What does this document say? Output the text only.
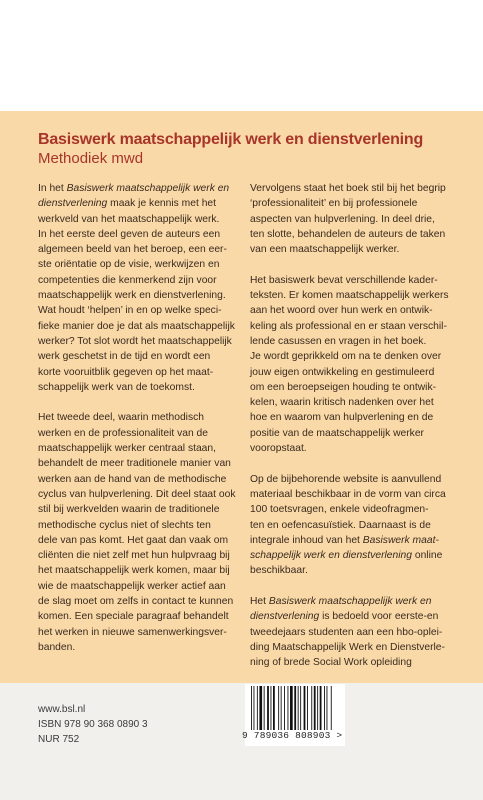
Basiswerk maatschappelijk werk en dienstverlening
Methodiek mwd

In het Basiswerk maatschappelijk werk en
dienstverlening maak je kennis met het
werkveld van het maatschappelijk werk.
In het eerste deel geven de auteurs een
algemeen beeld van het beroep, een eer-
ste oriëntatie op de visie, werkwijzen en
competenties die kenmerkend zijn voor
maatschappelijk werk en dienstverlening.
Wat houdt ‘helpen’ in en op welke speci-
fieke manier doe je dat als maatschappelijk
werker? Tot slot wordt het maatschappelijk
werk geschetst in de tijd en wordt een
korte vooruitblik gegeven op het maat-
schappelijk werk van de toekomst.

Het tweede deel, waarin methodisch
werken en de professionaliteit van de
maatschappelijk werker centraal staan,
behandelt de meer traditionele manier van
werken aan de hand van de methodische
cyclus van hulpverlening. Dit deel staat ook
stil bij werkvelden waarin de traditionele
methodische cyclus niet of slechts ten
dele van pas komt. Het gaat dan vaak om
cliënten die niet zelf met hun hulpvraag bij
het maatschappelijk werk komen, maar bij
wie de maatschappelijk werker actief aan
de slag moet om zelfs in contact te kunnen
komen. Een speciale paragraaf behandelt
het werken in nieuwe samenwerkingsver-
banden.

Vervolgens staat het boek stil bij het begrip
‘professionaliteit’ en bij professionele
aspecten van hulpverlening. In deel drie,
ten slotte, behandelen de auteurs de taken
van een maatschappelijk werker.

Het basiswerk bevat verschillende kader-
teksten. Er komen maatschappelijk werkers
aan het woord over hun werk en ontwik-
keling als professional en er staan verschil-
lende casussen en vragen in het boek.
Je wordt geprikkeld om na te denken over
jouw eigen ontwikkeling en gestimuleerd
om een beroepseigen houding te ontwik-
kelen, waarin kritisch nadenken over het
hoe en waarom van hulpverlening en de
positie van de maatschappelijk werker
vooropstaat.

Op de bijbehorende website is aanvullend
materiaal beschikbaar in de vorm van circa
100 toetsvragen, enkele videofragmen-
ten en oefencasuïstiek. Daarnaast is de
integrale inhoud van het Basiswerk maat-
schappelijk werk en dienstverlening online
beschikbaar.

Het Basiswerk maatschappelijk werk en
dienstverlening is bedoeld voor eerste-en
tweedejaars studenten aan een hbo-oplei-
ding Maatschappelijk Werk en Dienstverle-
ning of brede Social Work opleiding

www.bsl.nl
ISBN 978 90 368 0890 3
NUR 752	9 789036 808903 >
